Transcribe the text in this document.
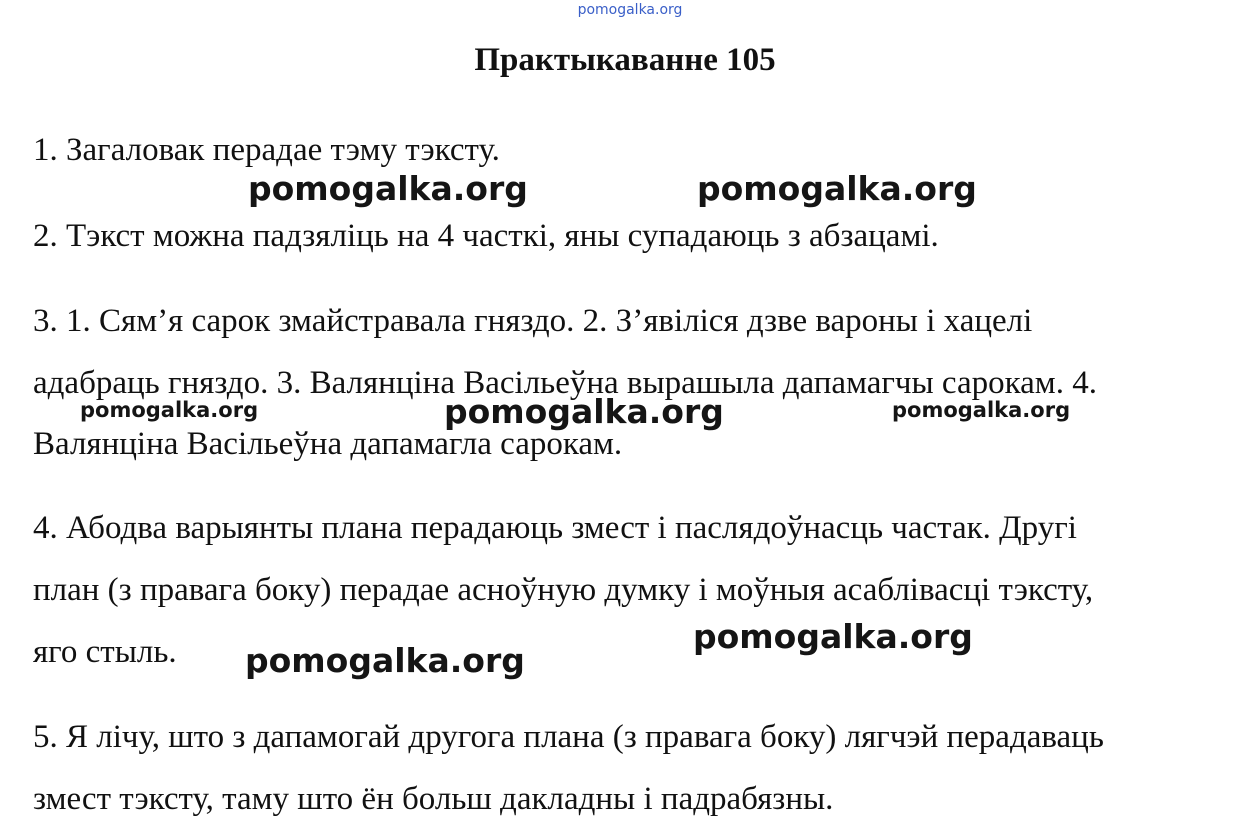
pomogalka.org
Практыкаванне 105
1. Загаловак перадае тэму тэксту.
2. Тэкст можна падзяліць на 4 часткі, яны супадаюць з абзацамі.
3. 1. Сям’я сарок змайстравала гняздо. 2. З’явіліся дзве вароны і хацелі
адабраць гняздо. 3. Валянціна Васільеўна вырашыла дапамагчы сарокам. 4.
Валянціна Васільеўна дапамагла сарокам.
4. Абодва варыянты плана перадаюць змест і паслядоўнасць частак. Другі
план (з правага боку) перадае асноўную думку і моўныя асаблівасці тэксту,
яго стыль.
5. Я лічу, што з дапамогай другога плана (з правага боку) лягчэй перадаваць
змест тэксту, таму што ён больш дакладны і падрабязны.
pomogalka.org	pomogalka.org
pomogalka.org	pomogalka.org	pomogalka.org
pomogalka.org
pomogalka.org
